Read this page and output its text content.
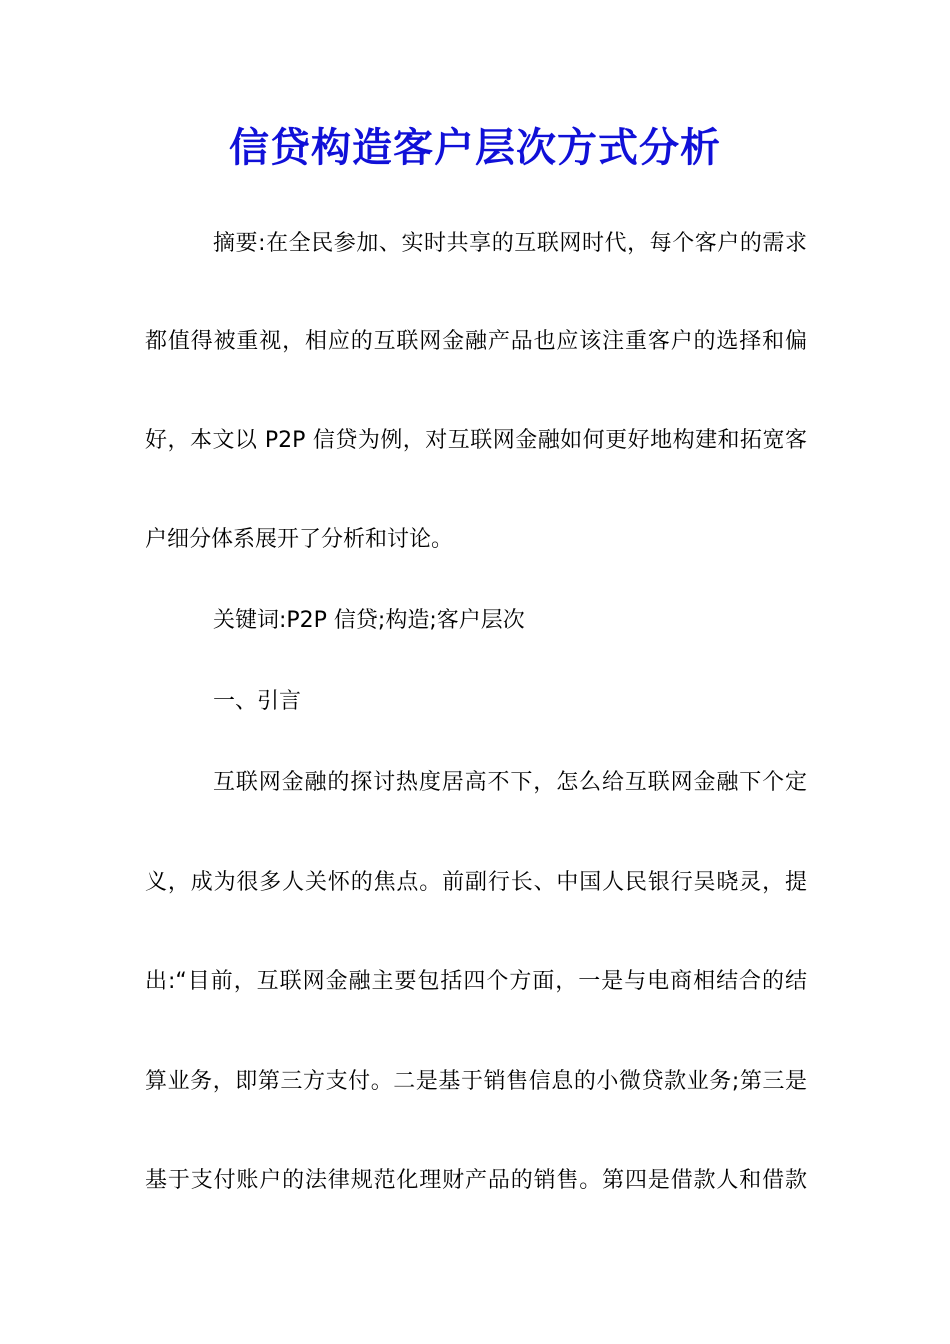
信贷构造客户层次方式分析
摘要:在全民参加、实时共享的互联网时代，每个客户的需求
都值得被重视，相应的互联网金融产品也应该注重客户的选择和偏
好，本文以 P2P 信贷为例，对互联网金融如何更好地构建和拓宽客
户细分体系展开了分析和讨论。
关键词:P2P 信贷;构造;客户层次
一、引言
互联网金融的探讨热度居高不下，怎么给互联网金融下个定
义，成为很多人关怀的焦点。前副行长、中国人民银行吴晓灵，提
出:“目前，互联网金融主要包括四个方面，一是与电商相结合的结
算业务，即第三方支付。二是基于销售信息的小微贷款业务;第三是
基于支付账户的法律规范化理财产品的销售。第四是借款人和借款
